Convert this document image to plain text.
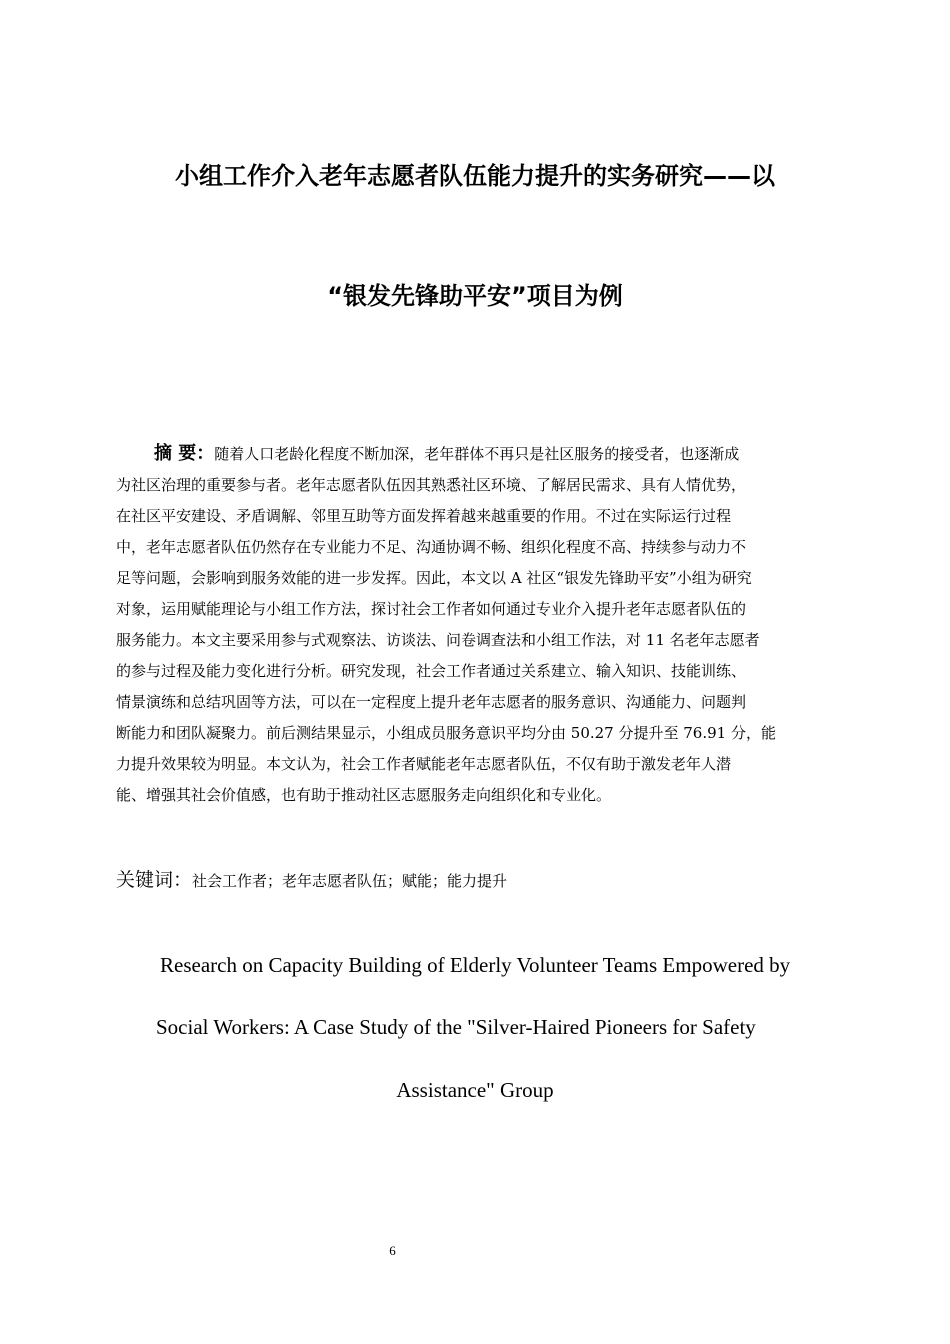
小组工作介入老年志愿者队伍能力提升的实务研究——以
“银发先锋助平安”项目为例
摘 要：随着人口老龄化程度不断加深，老年群体不再只是社区服务的接受者，也逐渐成
为社区治理的重要参与者。老年志愿者队伍因其熟悉社区环境、了解居民需求、具有人情优势，
在社区平安建设、矛盾调解、邻里互助等方面发挥着越来越重要的作用。不过在实际运行过程
中，老年志愿者队伍仍然存在专业能力不足、沟通协调不畅、组织化程度不高、持续参与动力不
足等问题，会影响到服务效能的进一步发挥。因此，本文以 A 社区“银发先锋助平安”小组为研究
对象，运用赋能理论与小组工作方法，探讨社会工作者如何通过专业介入提升老年志愿者队伍的
服务能力。本文主要采用参与式观察法、访谈法、问卷调查法和小组工作法，对 11 名老年志愿者
的参与过程及能力变化进行分析。研究发现，社会工作者通过关系建立、输入知识、技能训练、
情景演练和总结巩固等方法，可以在一定程度上提升老年志愿者的服务意识、沟通能力、问题判
断能力和团队凝聚力。前后测结果显示，小组成员服务意识平均分由 50.27 分提升至 76.91 分，能
力提升效果较为明显。本文认为，社会工作者赋能老年志愿者队伍，不仅有助于激发老年人潜
能、增强其社会价值感，也有助于推动社区志愿服务走向组织化和专业化。
关键词：社会工作者；老年志愿者队伍；赋能；能力提升
Research on Capacity Building of Elderly Volunteer Teams Empowered by
Social Workers: A Case Study of the "Silver-Haired Pioneers for Safety
Assistance" Group
6
